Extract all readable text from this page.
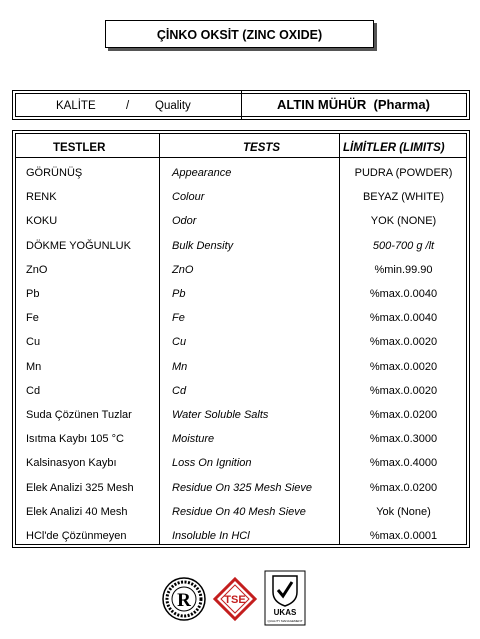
ÇİNKO OKSİT (ZINC OXIDE)
KALİTE	/ Quality	ALTIN MÜHÜR (Pharma)
TESTLER	TESTS	LİMİTLER (LIMITS)
GÖRÜNÜŞ	Appearance	PUDRA (POWDER)
RENK	Colour	BEYAZ (WHITE)
KOKU	Odor	YOK (NONE)
DÖKME YOĞUNLUK	Bulk Density	500-700 g /lt
ZnO	ZnO	%min.99.90
Pb	Pb	%max.0.0040
Fe	Fe	%max.0.0040
Cu	Cu	%max.0.0020
Mn	Mn	%max.0.0020
Cd	Cd	%max.0.0020
Suda Çözünen Tuzlar	Water Soluble Salts	%max.0.0200
Isıtma Kaybı 105 °C	Moisture	%max.0.3000
Kalsinasyon Kaybı	Loss On Ignition	%max.0.4000
Elek Analizi 325 Mesh	Residue On 325 Mesh Sieve	%max.0.0200
Elek Analizi 40 Mesh	Residue On 40 Mesh Sieve	Yok (None)
HCl'de Çözünmeyen	Insoluble In HCl	%max.0.0001
R	TSE
UKAS
QUALITY MANAGEMENT
